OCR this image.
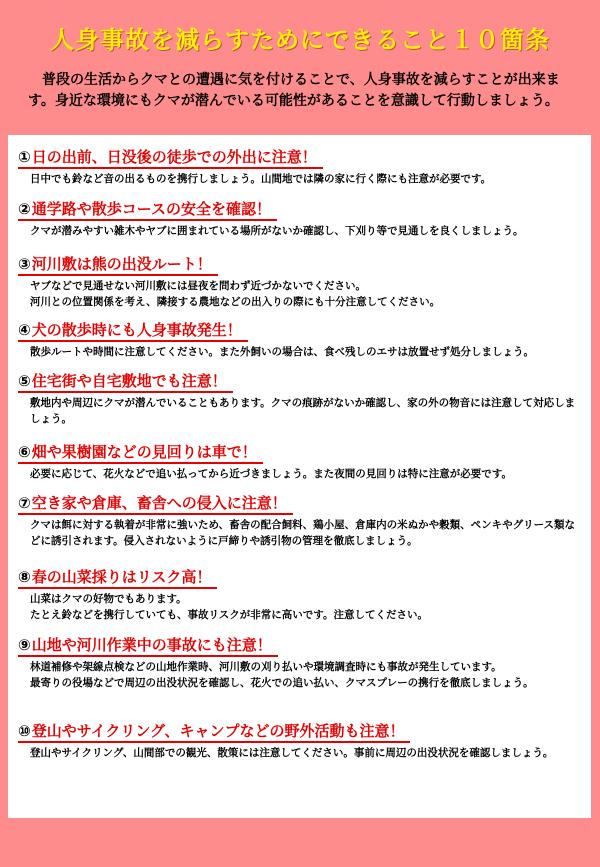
人身事故を減らすためにできること１０箇条
普段の生活からクマとの遭遇に気を付けることで、人身事故を減らすことが出来ます。身近な環境にもクマが潜んでいる可能性があることを意識して行動しましょう。
①日の出前、日没後の徒歩での外出に注意！
日中でも鈴など音の出るものを携行しましょう。山間地では隣の家に行く際にも注意が必要です。
②通学路や散歩コースの安全を確認！
クマが潜みやすい雑木やヤブに囲まれている場所がないか確認し、下刈り等で見通しを良くしましょう。
③河川敷は熊の出没ルート！
ヤブなどで見通せない河川敷には昼夜を問わず近づかないでください。
河川との位置関係を考え、隣接する農地などの出入りの際にも十分注意してください。
④犬の散歩時にも人身事故発生！
散歩ルートや時間に注意してください。また外飼いの場合は、食べ残しのエサは放置せず処分しましょう。
⑤住宅街や自宅敷地でも注意！
敷地内や周辺にクマが潜んでいることもあります。クマの痕跡がないか確認し、家の外の物音には注意して対応しましょう。
⑥畑や果樹園などの見回りは車で！
必要に応じて、花火などで追い払ってから近づきましょう。また夜間の見回りは特に注意が必要です。
⑦空き家や倉庫、畜舎への侵入に注意！
クマは餌に対する執着が非常に強いため、畜舎の配合飼料、鶏小屋、倉庫内の米ぬかや穀類、ペンキやグリース類などに誘引されます。侵入されないように戸締りや誘引物の管理を徹底しましょう。
⑧春の山菜採りはリスク高！
山菜はクマの好物でもあります。
たとえ鈴などを携行していても、事故リスクが非常に高いです。注意してください。
⑨山地や河川作業中の事故にも注意！
林道補修や架線点検などの山地作業時、河川敷の刈り払いや環境調査時にも事故が発生しています。
最寄りの役場などで周辺の出没状況を確認し、花火での追い払い、クマスプレーの携行を徹底しましょう。
⑩登山やサイクリング、キャンプなどの野外活動も注意！
登山やサイクリング、山間部での観光、散策には注意してください。事前に周辺の出没状況を確認しましょう。
